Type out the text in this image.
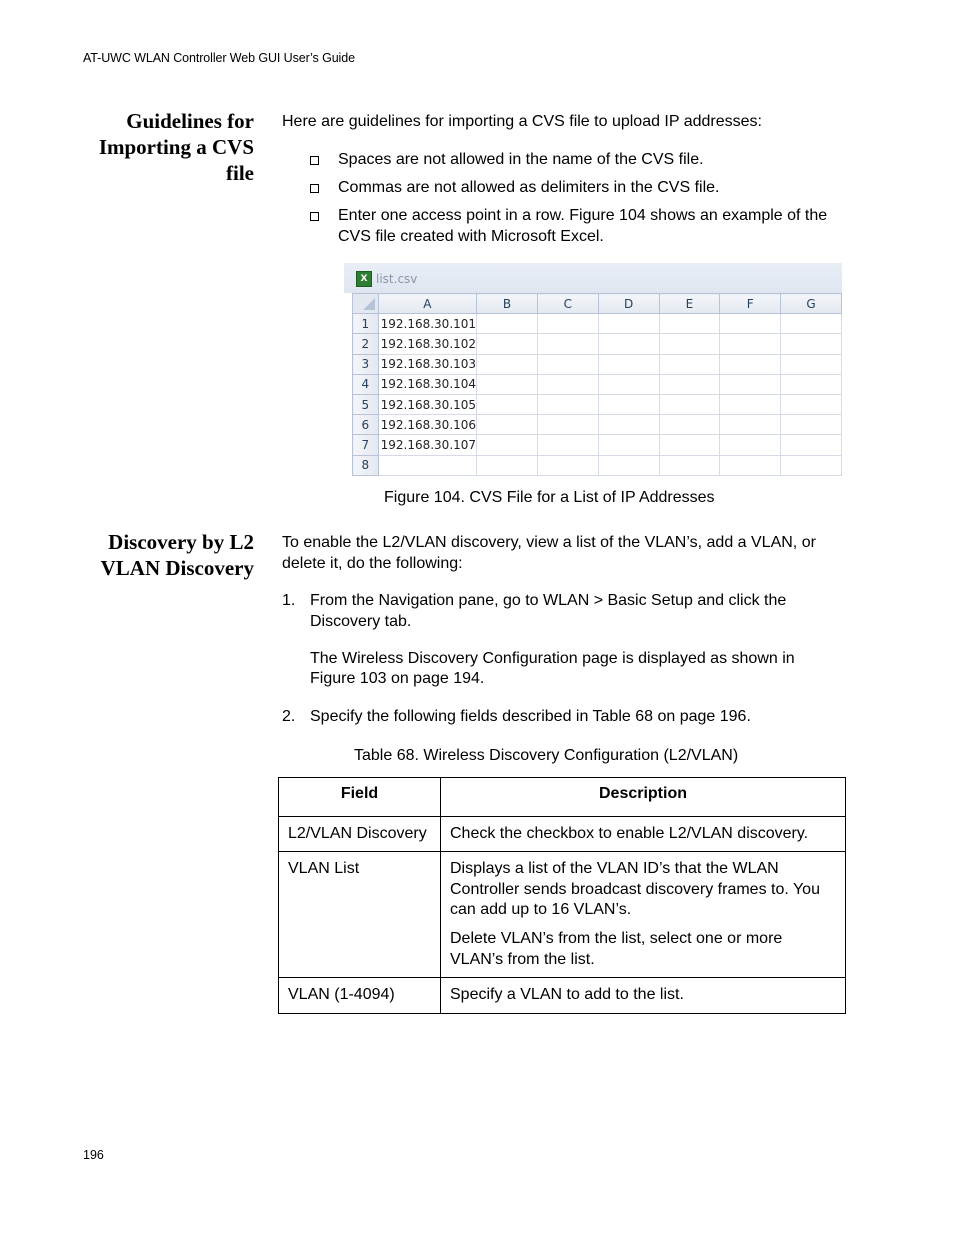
AT-UWC WLAN Controller Web GUI User’s Guide
Guidelines for
Importing a CVS
file
Here are guidelines for importing a CVS file to upload IP addresses:
Spaces are not allowed in the name of the CVS file.
Commas are not allowed as delimiters in the CVS file.
Enter one access point in a row. Figure 104 shows an example of the CVS file created with Microsoft Excel.
X list.csv
	A	B	C	D	E	F	G
1	192.168.30.101						
2	192.168.30.102						
3	192.168.30.103						
4	192.168.30.104						
5	192.168.30.105						
6	192.168.30.106						
7	192.168.30.107						
8							
Figure 104. CVS File for a List of IP Addresses
Discovery by L2
VLAN Discovery
To enable the L2/VLAN discovery, view a list of the VLAN’s, add a VLAN, or delete it, do the following:
1. From the Navigation pane, go to WLAN > Basic Setup and click the Discovery tab.
The Wireless Discovery Configuration page is displayed as shown in Figure 103 on page 194.
2. Specify the following fields described in Table 68 on page 196.
Table 68. Wireless Discovery Configuration (L2/VLAN)
Field	Description
L2/VLAN Discovery	Check the checkbox to enable L2/VLAN discovery.

VLAN List	Displays a list of the VLAN ID’s that the WLAN Controller sends broadcast discovery frames to. You can add up to 16 VLAN’s.

Delete VLAN’s from the list, select one or more VLAN’s from the list.

VLAN (1-4094)	Specify a VLAN to add to the list.

196
